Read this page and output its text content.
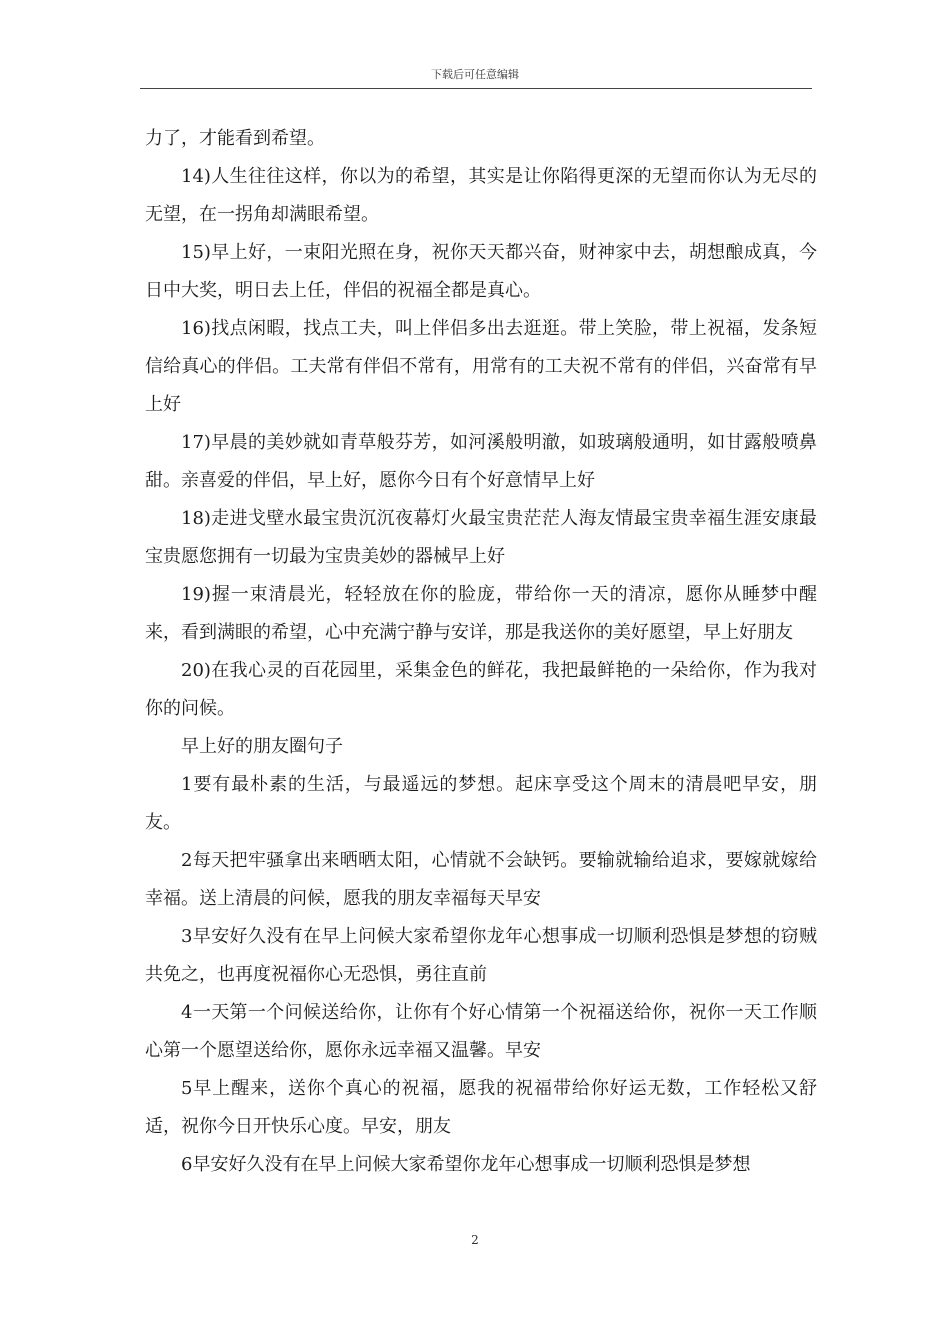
下载后可任意编辑

力了，才能看到希望。

14)人生往往这样，你以为的希望，其实是让你陷得更深的无望而你认为无尽的无望，在一拐角却满眼希望。

15)早上好，一束阳光照在身，祝你天天都兴奋，财神家中去，胡想酿成真，今日中大奖，明日去上任，伴侣的祝福全都是真心。

16)找点闲暇，找点工夫，叫上伴侣多出去逛逛。带上笑脸，带上祝福，发条短信给真心的伴侣。工夫常有伴侣不常有，用常有的工夫祝不常有的伴侣，兴奋常有早上好

17)早晨的美妙就如青草般芬芳，如河溪般明澈，如玻璃般通明，如甘露般喷鼻甜。亲喜爱的伴侣，早上好，愿你今日有个好意情早上好

18)走进戈壁水最宝贵沉沉夜幕灯火最宝贵茫茫人海友情最宝贵幸福生涯安康最宝贵愿您拥有一切最为宝贵美妙的器械早上好

19)握一束清晨光，轻轻放在你的脸庞，带给你一天的清凉，愿你从睡梦中醒来，看到满眼的希望，心中充满宁静与安详，那是我送你的美好愿望，早上好朋友

20)在我心灵的百花园里，采集金色的鲜花，我把最鲜艳的一朵给你，作为我对你的问候。

早上好的朋友圈句子

1要有最朴素的生活，与最遥远的梦想。起床享受这个周末的清晨吧早安，朋友。

2每天把牢骚拿出来晒晒太阳，心情就不会缺钙。要输就输给追求，要嫁就嫁给幸福。送上清晨的问候，愿我的朋友幸福每天早安

3早安好久没有在早上问候大家希望你龙年心想事成一切顺利恐惧是梦想的窃贼共免之，也再度祝福你心无恐惧，勇往直前

4一天第一个问候送给你，让你有个好心情第一个祝福送给你，祝你一天工作顺心第一个愿望送给你，愿你永远幸福又温馨。早安

5早上醒来，送你个真心的祝福，愿我的祝福带给你好运无数，工作轻松又舒适，祝你今日开快乐心度。早安，朋友

6早安好久没有在早上问候大家希望你龙年心想事成一切顺利恐惧是梦想

2
